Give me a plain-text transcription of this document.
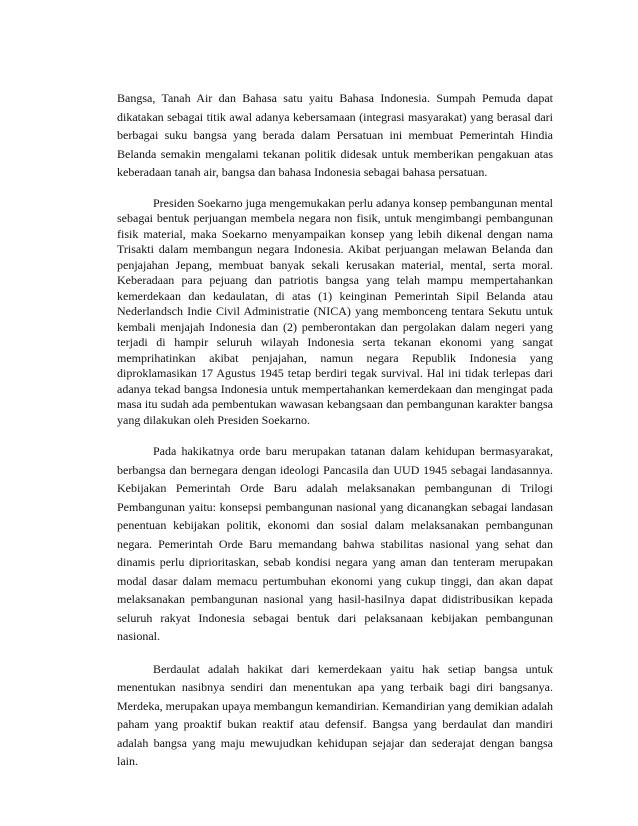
Bangsa, Tanah Air dan Bahasa satu yaitu Bahasa Indonesia. Sumpah Pemuda dapat dikatakan sebagai titik awal adanya kebersamaan (integrasi masyarakat) yang berasal dari berbagai suku bangsa yang berada dalam Persatuan ini membuat Pemerintah Hindia Belanda semakin mengalami tekanan politik didesak untuk memberikan pengakuan atas keberadaan tanah air, bangsa dan bahasa Indonesia sebagai bahasa persatuan.

Presiden Soekarno juga mengemukakan perlu adanya konsep pembangunan mental sebagai bentuk perjuangan membela negara non fisik, untuk mengimbangi pembangunan fisik material, maka Soekarno menyampaikan konsep yang lebih dikenal dengan nama Trisakti dalam membangun negara Indonesia. Akibat perjuangan melawan Belanda dan penjajahan Jepang, membuat banyak sekali kerusakan material, mental, serta moral. Keberadaan para pejuang dan patriotis bangsa yang telah mampu mempertahankan kemerdekaan dan kedaulatan, di atas (1) keinginan Pemerintah Sipil Belanda atau Nederlandsch Indie Civil Administratie (NICA) yang membonceng tentara Sekutu untuk kembali menjajah Indonesia dan (2) pemberontakan dan pergolakan dalam negeri yang terjadi di hampir seluruh wilayah Indonesia serta tekanan ekonomi yang sangat memprihatinkan akibat penjajahan, namun negara Republik Indonesia yang diproklamasikan 17 Agustus 1945 tetap berdiri tegak survival. Hal ini tidak terlepas dari adanya tekad bangsa Indonesia untuk mempertahankan kemerdekaan dan mengingat pada masa itu sudah ada pembentukan wawasan kebangsaan dan pembangunan karakter bangsa yang dilakukan oleh Presiden Soekarno.

Pada hakikatnya orde baru merupakan tatanan dalam kehidupan bermasyarakat, berbangsa dan bernegara dengan ideologi Pancasila dan UUD 1945 sebagai landasannya. Kebijakan Pemerintah Orde Baru adalah melaksanakan pembangunan di Trilogi Pembangunan yaitu: konsepsi pembangunan nasional yang dicanangkan sebagai landasan penentuan kebijakan politik, ekonomi dan sosial dalam melaksanakan pembangunan negara. Pemerintah Orde Baru memandang bahwa stabilitas nasional yang sehat dan dinamis perlu diprioritaskan, sebab kondisi negara yang aman dan tenteram merupakan modal dasar dalam memacu pertumbuhan ekonomi yang cukup tinggi, dan akan dapat melaksanakan pembangunan nasional yang hasil-hasilnya dapat didistribusikan kepada seluruh rakyat Indonesia sebagai bentuk dari pelaksanaan kebijakan pembangunan nasional.

Berdaulat adalah hakikat dari kemerdekaan yaitu hak setiap bangsa untuk menentukan nasibnya sendiri dan menentukan apa yang terbaik bagi diri bangsanya. Merdeka, merupakan upaya membangun kemandirian. Kemandirian yang demikian adalah paham yang proaktif bukan reaktif atau defensif. Bangsa yang berdaulat dan mandiri adalah bangsa yang maju mewujudkan kehidupan sejajar dan sederajat dengan bangsa lain.
